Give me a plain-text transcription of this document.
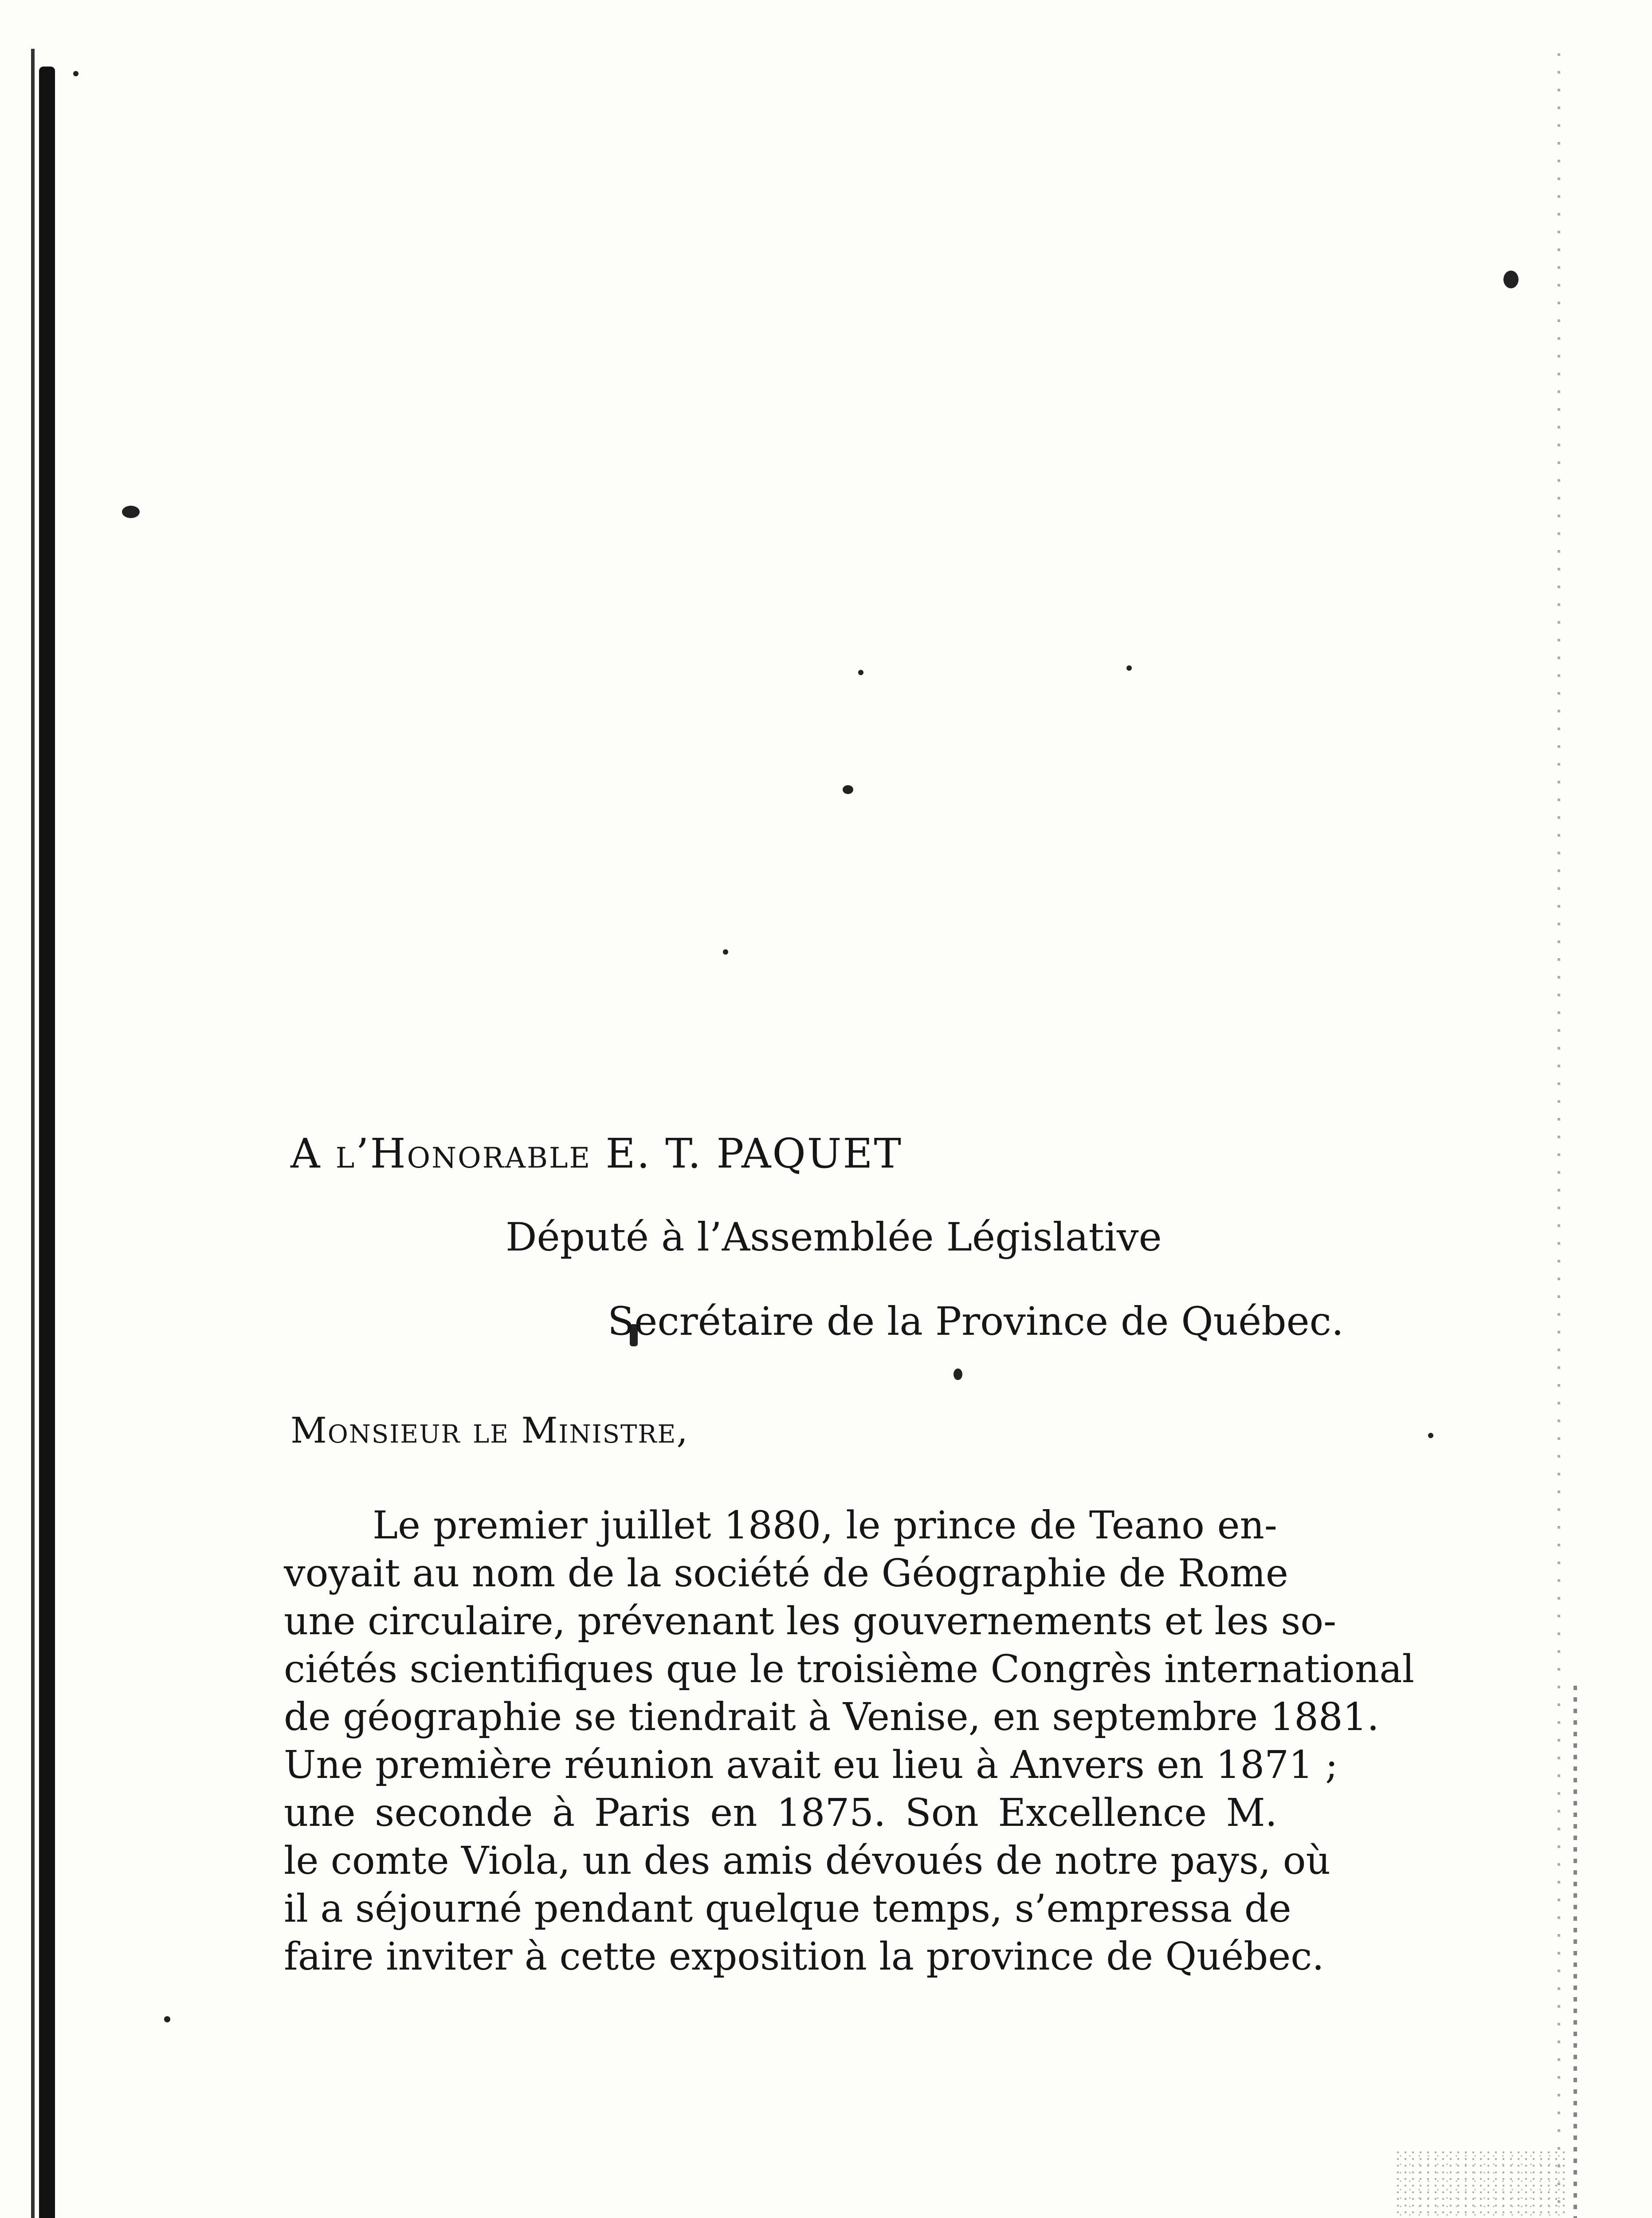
A l’Honorable E. T. PAQUET
Député à l’Assemblée Législative
Secrétaire de la Province de Québec.
Monsieur le Ministre,
Le premier juillet 1880, le prince de Teano en-
voyait au nom de la société de Géographie de Rome
une circulaire, prévenant les gouvernements et les so-
ciétés scientifiques que le troisième Congrès international
de géographie se tiendrait à Venise, en septembre 1881.
Une première réunion avait eu lieu à Anvers en 1871 ;
une seconde à Paris en 1875. Son Excellence M.
le comte Viola, un des amis dévoués de notre pays, où
il a séjourné pendant quelque temps, s’empressa de
faire inviter à cette exposition la province de Québec.
